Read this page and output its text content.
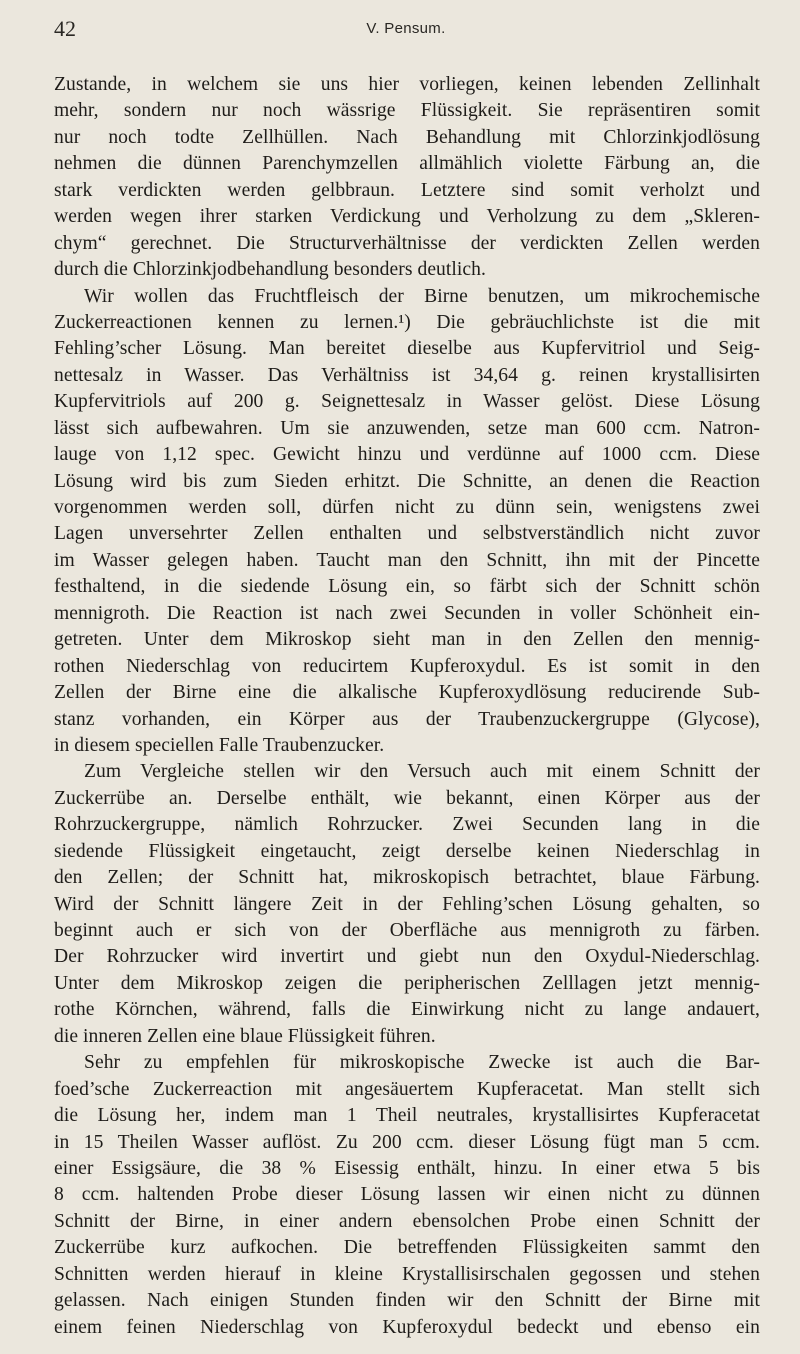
42	V. Pensum.
Zustande, in welchem sie uns hier vorliegen, keinen lebenden Zellinhalt
mehr, sondern nur noch wässrige Flüssigkeit. Sie repräsentiren somit
nur noch todte Zellhüllen. Nach Behandlung mit Chlorzinkjodlösung
nehmen die dünnen Parenchymzellen allmählich violette Färbung an, die
stark verdickten werden gelbbraun. Letztere sind somit verholzt und
werden wegen ihrer starken Verdickung und Verholzung zu dem „Skleren-
chym“ gerechnet. Die Structurverhältnisse der verdickten Zellen werden
durch die Chlorzinkjodbehandlung besonders deutlich.
Wir wollen das Fruchtfleisch der Birne benutzen, um mikrochemische
Zuckerreactionen kennen zu lernen.¹) Die gebräuchlichste ist die mit
Fehling’scher Lösung. Man bereitet dieselbe aus Kupfervitriol und Seig-
nettesalz in Wasser. Das Verhältniss ist 34,64 g. reinen krystallisirten
Kupfervitriols auf 200 g. Seignettesalz in Wasser gelöst. Diese Lösung
lässt sich aufbewahren. Um sie anzuwenden, setze man 600 ccm. Natron-
lauge von 1,12 spec. Gewicht hinzu und verdünne auf 1000 ccm. Diese
Lösung wird bis zum Sieden erhitzt. Die Schnitte, an denen die Reaction
vorgenommen werden soll, dürfen nicht zu dünn sein, wenigstens zwei
Lagen unversehrter Zellen enthalten und selbstverständlich nicht zuvor
im Wasser gelegen haben. Taucht man den Schnitt, ihn mit der Pincette
festhaltend, in die siedende Lösung ein, so färbt sich der Schnitt schön
mennigroth. Die Reaction ist nach zwei Secunden in voller Schönheit ein-
getreten. Unter dem Mikroskop sieht man in den Zellen den mennig-
rothen Niederschlag von reducirtem Kupferoxydul. Es ist somit in den
Zellen der Birne eine die alkalische Kupferoxydlösung reducirende Sub-
stanz vorhanden, ein Körper aus der Traubenzuckergruppe (Glycose),
in diesem speciellen Falle Traubenzucker.
Zum Vergleiche stellen wir den Versuch auch mit einem Schnitt der
Zuckerrübe an. Derselbe enthält, wie bekannt, einen Körper aus der
Rohrzuckergruppe, nämlich Rohrzucker. Zwei Secunden lang in die
siedende Flüssigkeit eingetaucht, zeigt derselbe keinen Niederschlag in
den Zellen; der Schnitt hat, mikroskopisch betrachtet, blaue Färbung.
Wird der Schnitt längere Zeit in der Fehling’schen Lösung gehalten, so
beginnt auch er sich von der Oberfläche aus mennigroth zu färben.
Der Rohrzucker wird invertirt und giebt nun den Oxydul-Niederschlag.
Unter dem Mikroskop zeigen die peripherischen Zelllagen jetzt mennig-
rothe Körnchen, während, falls die Einwirkung nicht zu lange andauert,
die inneren Zellen eine blaue Flüssigkeit führen.
Sehr zu empfehlen für mikroskopische Zwecke ist auch die Bar-
foed’sche Zuckerreaction mit angesäuertem Kupferacetat. Man stellt sich
die Lösung her, indem man 1 Theil neutrales, krystallisirtes Kupferacetat
in 15 Theilen Wasser auflöst. Zu 200 ccm. dieser Lösung fügt man 5 ccm.
einer Essigsäure, die 38 % Eisessig enthält, hinzu. In einer etwa 5 bis
8 ccm. haltenden Probe dieser Lösung lassen wir einen nicht zu dünnen
Schnitt der Birne, in einer andern ebensolchen Probe einen Schnitt der
Zuckerrübe kurz aufkochen. Die betreffenden Flüssigkeiten sammt den
Schnitten werden hierauf in kleine Krystallisirschalen gegossen und stehen
gelassen. Nach einigen Stunden finden wir den Schnitt der Birne mit
einem feinen Niederschlag von Kupferoxydul bedeckt und ebenso ein
